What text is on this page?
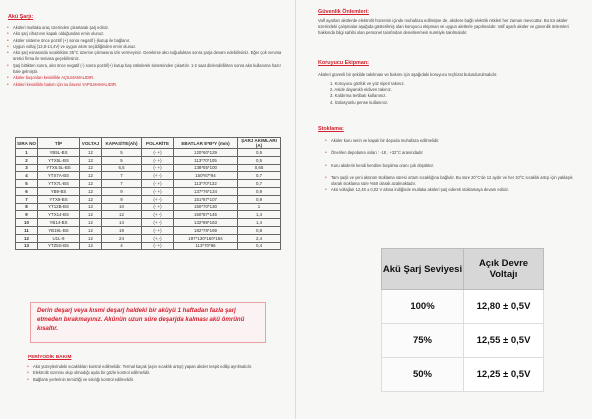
Akü Şarjı:
• Aküleri mutlaka araç üzerinden çıkartarak şarj ediniz.
• Akü şarj cihazının kapalı olduğundan emin olunuz.
• Aküler sisteme önce pozitif (+) sonra negatif (-)kutup ile bağlanır.
• Uygun voltaj (13,8-14,4V) ve uygun akım seçildiğinden emin olunuz.
• Akü şarj esnasında sıcaklıkları 35°C üzerine çıkmasına izin vermeyiniz. Gerekirse akü soğuduktan sonra şarja devam edebilirsiniz. Eğer çok ısınırsa üretici firma ile temasa geçebilirsiniz.
• Şarj bittikten sonra, akü önce negatif (-) sonra pozitif(+) kutup baş sökülerek sisteminden çıkartılır. 1-2 saat dinlendirilikten sonra akü kullanıma hazır hale gelmiştir.
• Aküler buşonları kesinlikle AÇILMAMALIDIR.
• Aküleri kesinlikle bakım için su ilavesi YAPILMAMALIDIR.
SIRA NO	TİP	VOLTAJ	KAPASİTE(Ah)	POLARİTE	EBATLAR E*B*Y (mm)	ŞARJ AKIMLARI (A)
1	YB5L-BS	12	5	(- +)	120*60*129	0,5
2	YTX5L-BS	12	5	(- +)	113*70*105	0,5
3	YTX6.5L-BS	12	6,5	(- +)	138*65*100	0,65
4	YTX7A-BS	12	7	(+ -)	150*87*94	0,7
5	YTX7L-BS	12	7	(- +)	113*70*132	0,7
6	YB9-BS	12	9	(- +)	137*76*134	0,9
7	YTX9-BS	12	9	(+ -)	151*87*107	0,9
8	YT12B-BS	12	10	(- +)	150*70*130	1
9	YTX14-BS	12	12	(+ -)	150*87*145	1,4
10	YB14-BS	12	14	(+ -)	132*89*163	1,4
11	YB19L-BS	12	19	(- +)	182*78*169	0,8
12	U1L-9	12	24	(+,-)	197*130*160*184	2,4
13	YTZ5S-BS	12	4	(- +)	113*70*86	0,4
Derin deşarj veya kısmi deşarj haldeki bir aküyü 1 haftadan fazla şarj etmeden bırakmayınız. Akünün uzun süre deşarjda kalması akü ömrünü kısaltır.
PERİYODİK BAKIM
• Akü yüzeylerindeki sıcaklıkları kontrol edilmelidir. Termal kaçak (aşırı sıcaklık artışı) yapan aküler tespit edilip ayrılmalıdır.
• Elektrolit sızıntısı olup olmadığı ayda bir gözle kontrol edilmelidir.
• Bağlantı yerlerinin temizliği ve sıkılığı kontrol edilmelidir.
Güvenlik Önlemleri:

Valf ayarları akülerde elektrolit hücrenin içinde muhafaza edilmişse de, akülere bağlı elektrik riskleri her zaman mevcuttur. Bu tür aküler üzerindeki çalışmalar aşağıda gösterilmiş olan koruyucu ekipman ve uygun aletlerle yapılmalıdır. Valf ayarlı aküler ve güvenlik önlemleri hakkında bilgi sahibi olan personel tarafından denetlenmesi suretiyle takılmalıdır.

Koruyucu Ekipman:

Aküleri güvenli bir şekilde takılması ve bakımı için aşağıdaki koruyucu teçhizat bulundurulmalıdır.

1. Koruyucu gözlük ve yüz siperi takınız.
2. Aside dayanıklı eldiven takınız.
3. Kaldırma tertibatı kullanınız.
4. İzolasyonlu pense kullanınız.
Stoklama:
• Aküler kuru serin ve kapalı bir depoda muhafaza edilmelidir.
• Önerilen depolama ısıları : -18 , +32°C arasındadır
• Kuru akülerin kendi kendine boşalma oranı çok düşüktür.
• Tam şarjlı ve yeni akünün stoklama süresi ortam sıcaklığına bağlıdır. Bu süre 20°C'de 12 aydır ve her 10°C sıcaklık artışı için yaklaşık olarak stoklama süre %50 olarak azalmaktadır.
• Akü voltajları 12,48 ± 0,02 V altına indiğinde mutlaka aküleri şarj ederek stoklamaya devam ediniz.
Akü Şarj Seviyesi	Açık Devre Voltajı
100%	12,80 ± 0,5V
75%	12,55 ± 0,5V
50%	12,25 ± 0,5V
